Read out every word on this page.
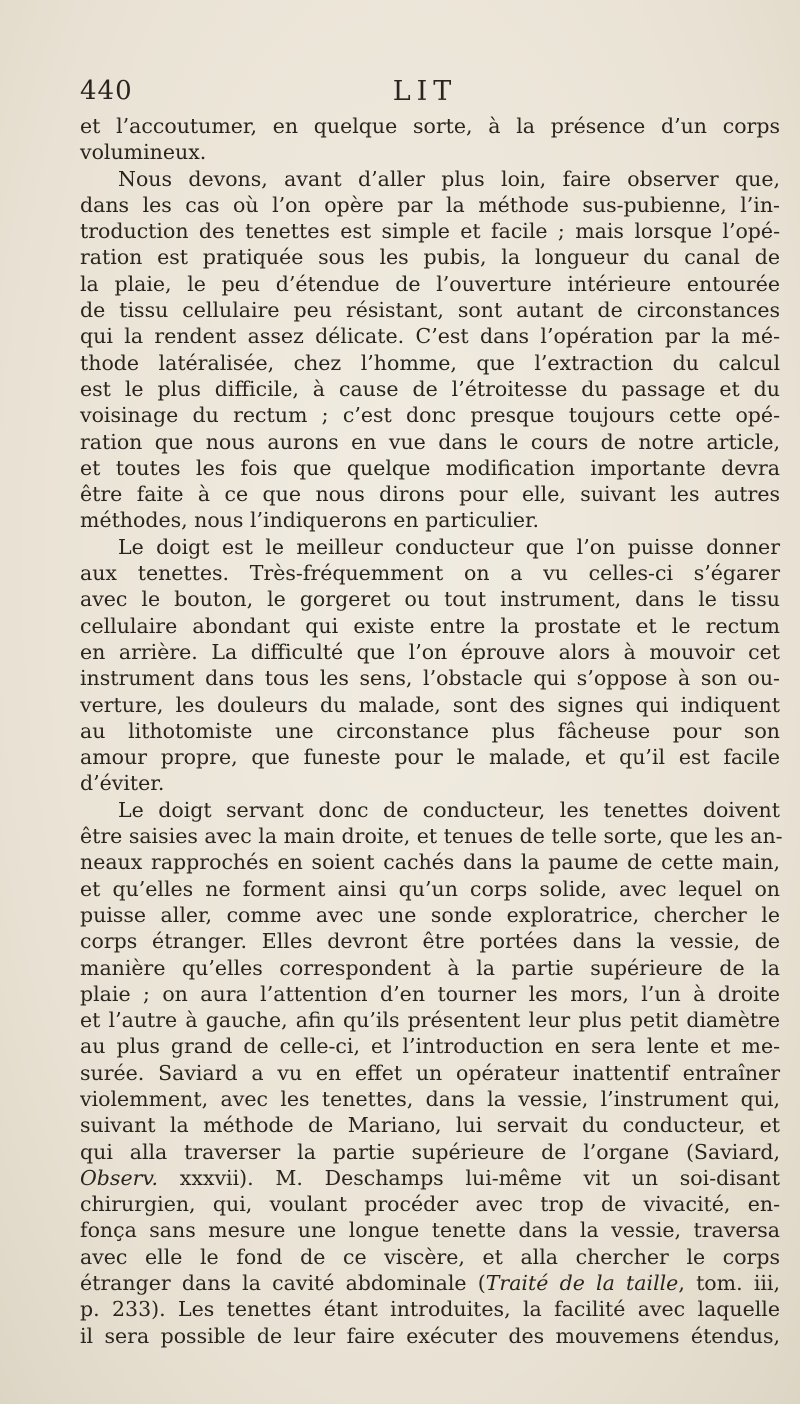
440	LIT
et l’accoutumer, en quelque sorte, à la présence d’un corps
volumineux.
Nous devons, avant d’aller plus loin, faire observer que,
dans les cas où l’on opère par la méthode sus-pubienne, l’in-
troduction des tenettes est simple et facile ; mais lorsque l’opé-
ration est pratiquée sous les pubis, la longueur du canal de
la plaie, le peu d’étendue de l’ouverture intérieure entourée
de tissu cellulaire peu résistant, sont autant de circonstances
qui la rendent assez délicate. C’est dans l’opération par la mé-
thode latéralisée, chez l’homme, que l’extraction du calcul
est le plus difficile, à cause de l’étroitesse du passage et du
voisinage du rectum ; c’est donc presque toujours cette opé-
ration que nous aurons en vue dans le cours de notre article,
et toutes les fois que quelque modification importante devra
être faite à ce que nous dirons pour elle, suivant les autres
méthodes, nous l’indiquerons en particulier.
Le doigt est le meilleur conducteur que l’on puisse donner
aux tenettes. Très-fréquemment on a vu celles-ci s’égarer
avec le bouton, le gorgeret ou tout instrument, dans le tissu
cellulaire abondant qui existe entre la prostate et le rectum
en arrière. La difficulté que l’on éprouve alors à mouvoir cet
instrument dans tous les sens, l’obstacle qui s’oppose à son ou-
verture, les douleurs du malade, sont des signes qui indiquent
au lithotomiste une circonstance plus fâcheuse pour son
amour propre, que funeste pour le malade, et qu’il est facile
d’éviter.
Le doigt servant donc de conducteur, les tenettes doivent
être saisies avec la main droite, et tenues de telle sorte, que les an-
neaux rapprochés en soient cachés dans la paume de cette main,
et qu’elles ne forment ainsi qu’un corps solide, avec lequel on
puisse aller, comme avec une sonde exploratrice, chercher le
corps étranger. Elles devront être portées dans la vessie, de
manière qu’elles correspondent à la partie supérieure de la
plaie ; on aura l’attention d’en tourner les mors, l’un à droite
et l’autre à gauche, afin qu’ils présentent leur plus petit diamètre
au plus grand de celle-ci, et l’introduction en sera lente et me-
surée. Saviard a vu en effet un opérateur inattentif entraîner
violemment, avec les tenettes, dans la vessie, l’instrument qui,
suivant la méthode de Mariano, lui servait du conducteur, et
qui alla traverser la partie supérieure de l’organe (Saviard,
Observ. xxxvii). M. Deschamps lui-même vit un soi-disant
chirurgien, qui, voulant procéder avec trop de vivacité, en-
fonça sans mesure une longue tenette dans la vessie, traversa
avec elle le fond de ce viscère, et alla chercher le corps
étranger dans la cavité abdominale (Traité de la taille, tom. iii,
p. 233). Les tenettes étant introduites, la facilité avec laquelle
il sera possible de leur faire exécuter des mouvemens étendus,
